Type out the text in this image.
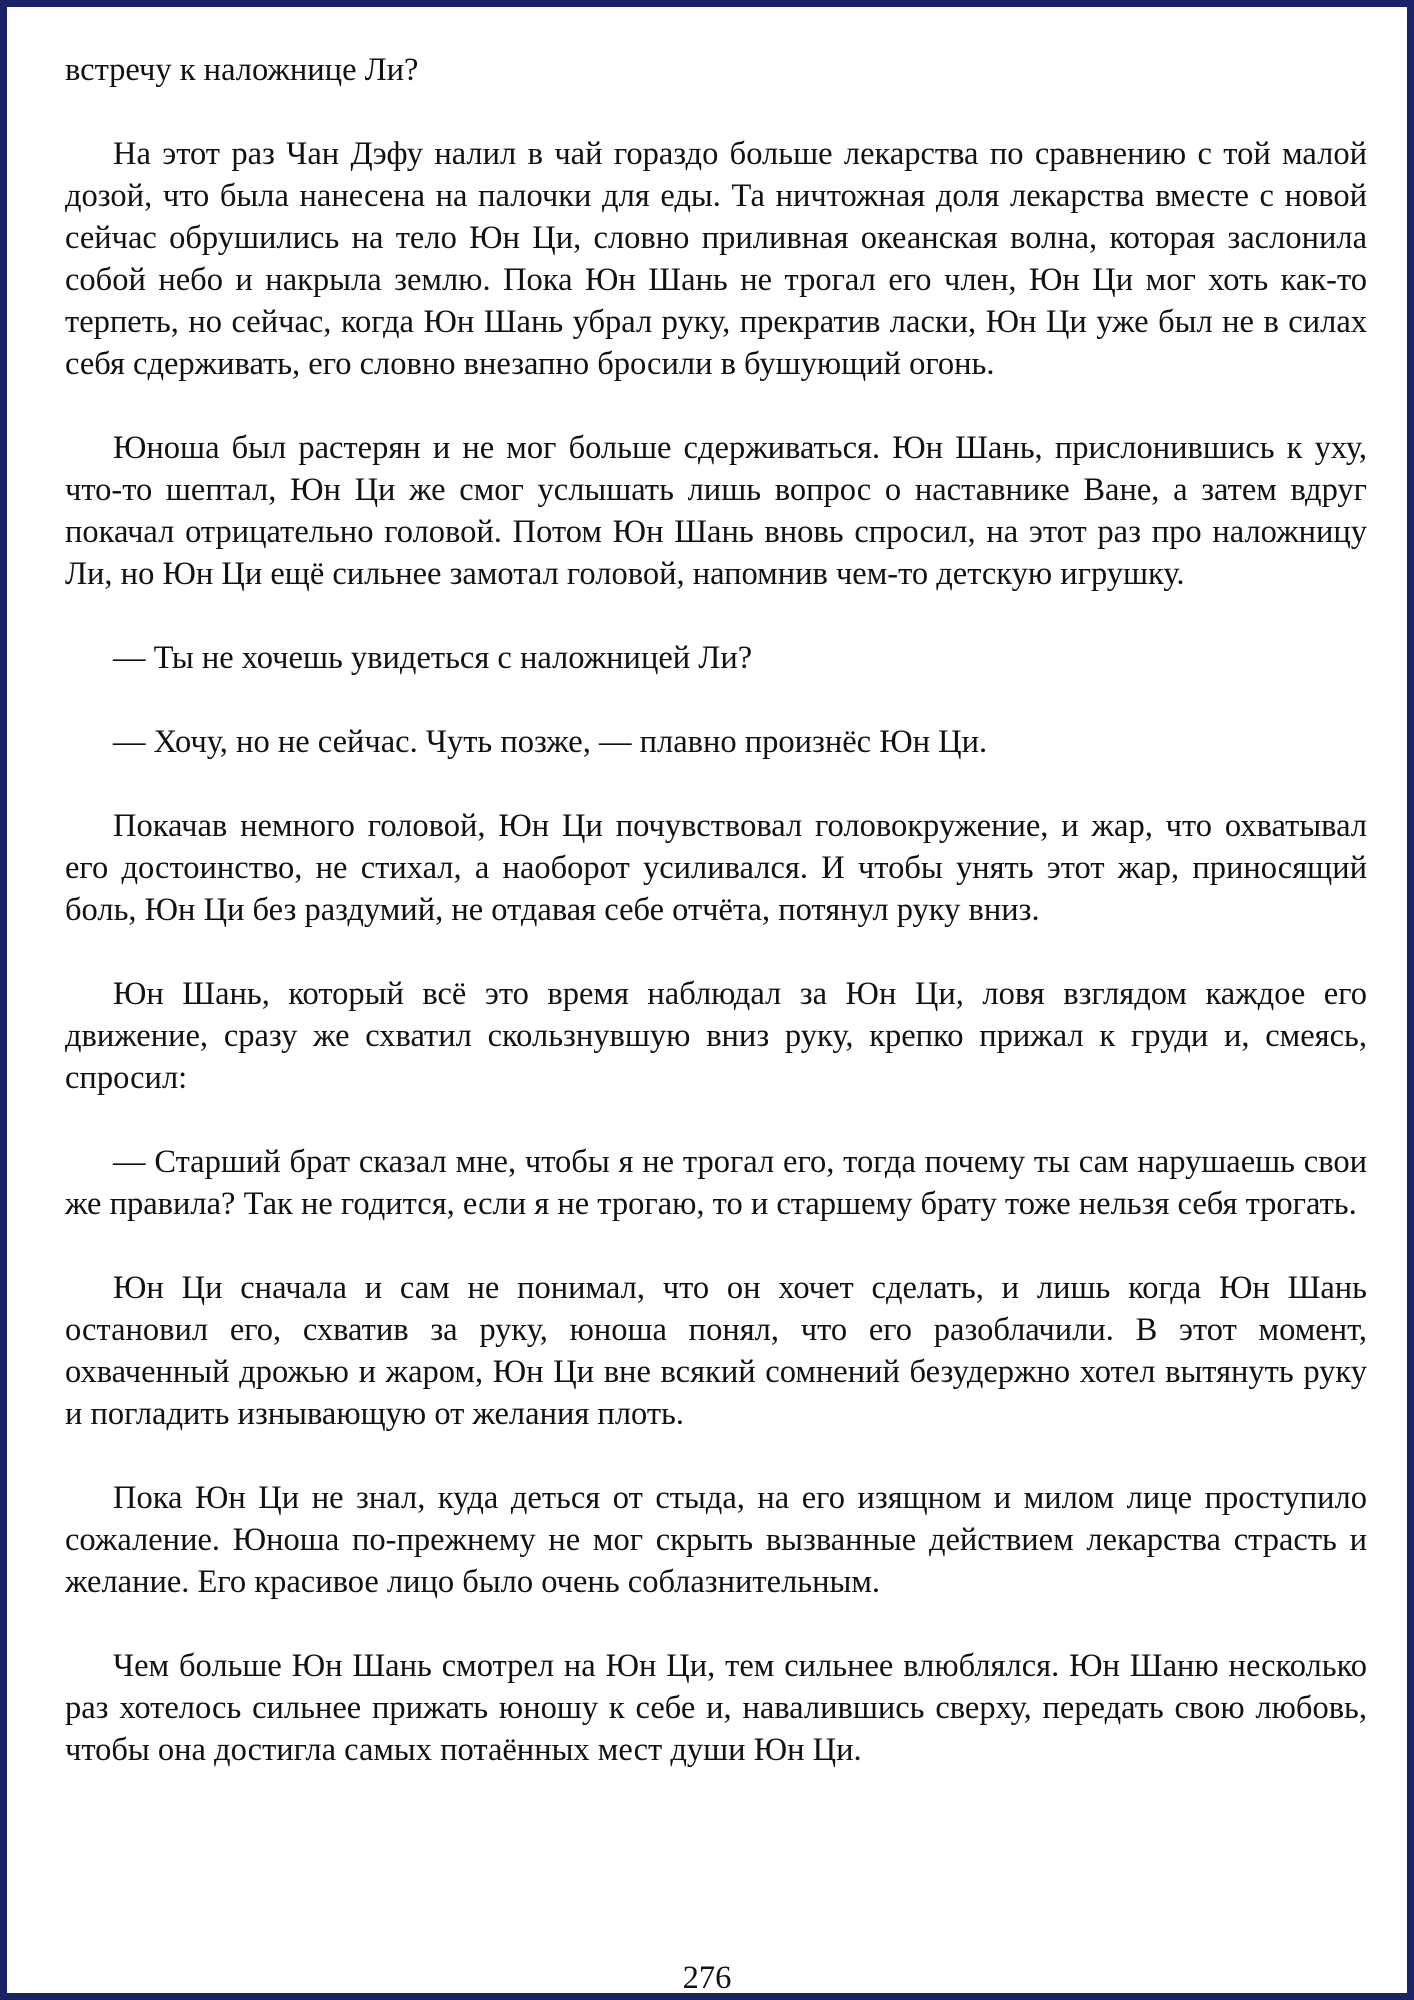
встречу к наложнице Ли?

На этот раз Чан Дэфу налил в чай гораздо больше лекарства по сравнению с той малой дозой, что была нанесена на палочки для еды. Та ничтожная доля лекарства вместе с новой сейчас обрушились на тело Юн Ци, словно приливная океанская волна, которая заслонила собой небо и накрыла землю. Пока Юн Шань не трогал его член, Юн Ци мог хоть как-то терпеть, но сейчас, когда Юн Шань убрал руку, прекратив ласки, Юн Ци уже был не в силах себя сдерживать, его словно внезапно бросили в бушующий огонь.

Юноша был растерян и не мог больше сдерживаться. Юн Шань, прислонившись к уху, что-то шептал, Юн Ци же смог услышать лишь вопрос о наставнике Ване, а затем вдруг покачал отрицательно головой. Потом Юн Шань вновь спросил, на этот раз про наложницу Ли, но Юн Ци ещё сильнее замотал головой, напомнив чем-то детскую игрушку.

— Ты не хочешь увидеться с наложницей Ли?

— Хочу, но не сейчас. Чуть позже, — плавно произнёс Юн Ци.

Покачав немного головой, Юн Ци почувствовал головокружение, и жар, что охватывал его достоинство, не стихал, а наоборот усиливался. И чтобы унять этот жар, приносящий боль, Юн Ци без раздумий, не отдавая себе отчёта, потянул руку вниз.

Юн Шань, который всё это время наблюдал за Юн Ци, ловя взглядом каждое его движение, сразу же схватил скользнувшую вниз руку, крепко прижал к груди и, смеясь, спросил:

— Старший брат сказал мне, чтобы я не трогал его, тогда почему ты сам нарушаешь свои же правила? Так не годится, если я не трогаю, то и старшему брату тоже нельзя себя трогать.

Юн Ци сначала и сам не понимал, что он хочет сделать, и лишь когда Юн Шань остановил его, схватив за руку, юноша понял, что его разоблачили. В этот момент, охваченный дрожью и жаром, Юн Ци вне всякий сомнений безудержно хотел вытянуть руку и погладить изнывающую от желания плоть.

Пока Юн Ци не знал, куда деться от стыда, на его изящном и милом лице проступило сожаление. Юноша по-прежнему не мог скрыть вызванные действием лекарства страсть и желание. Его красивое лицо было очень соблазнительным.

Чем больше Юн Шань смотрел на Юн Ци, тем сильнее влюблялся. Юн Шаню несколько раз хотелось сильнее прижать юношу к себе и, навалившись сверху, передать свою любовь, чтобы она достигла самых потаённых мест души Юн Ци.

276
